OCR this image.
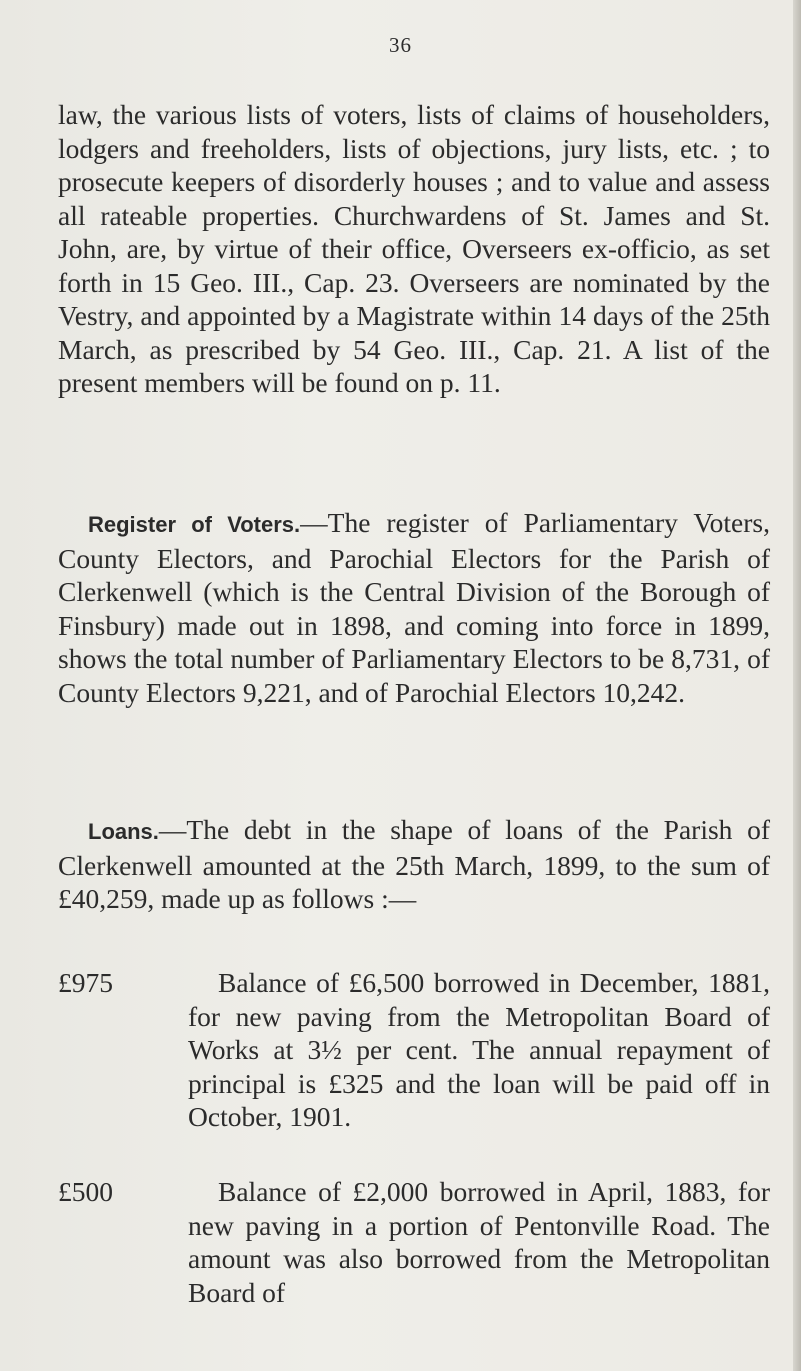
36

law, the various lists of voters, lists of claims of householders, lodgers and freeholders, lists of objections, jury lists, etc. ; to prosecute keepers of disorderly houses ; and to value and assess all rateable properties. Churchwardens of St. James and St. John, are, by virtue of their office, Overseers ex-officio, as set forth in 15 Geo. III., Cap. 23. Overseers are nominated by the Vestry, and appointed by a Magistrate within 14 days of the 25th March, as prescribed by 54 Geo. III., Cap. 21. A list of the present members will be found on p. 11.

Register of Voters.—The register of Parliamentary Voters, County Electors, and Parochial Electors for the Parish of Clerkenwell (which is the Central Division of the Borough of Finsbury) made out in 1898, and coming into force in 1899, shows the total number of Parliamentary Electors to be 8,731, of County Electors 9,221, and of Parochial Electors 10,242.

Loans.—The debt in the shape of loans of the Parish of Clerkenwell amounted at the 25th March, 1899, to the sum of £40,259, made up as follows :—

£975	Balance of £6,500 borrowed in December, 1881, for new paving from the Metropolitan Board of Works at 3½ per cent. The annual repayment of principal is £325 and the loan will be paid off in October, 1901.
£500	Balance of £2,000 borrowed in April, 1883, for new paving in a portion of Pentonville Road. The amount was also borrowed from the Metropolitan Board of
